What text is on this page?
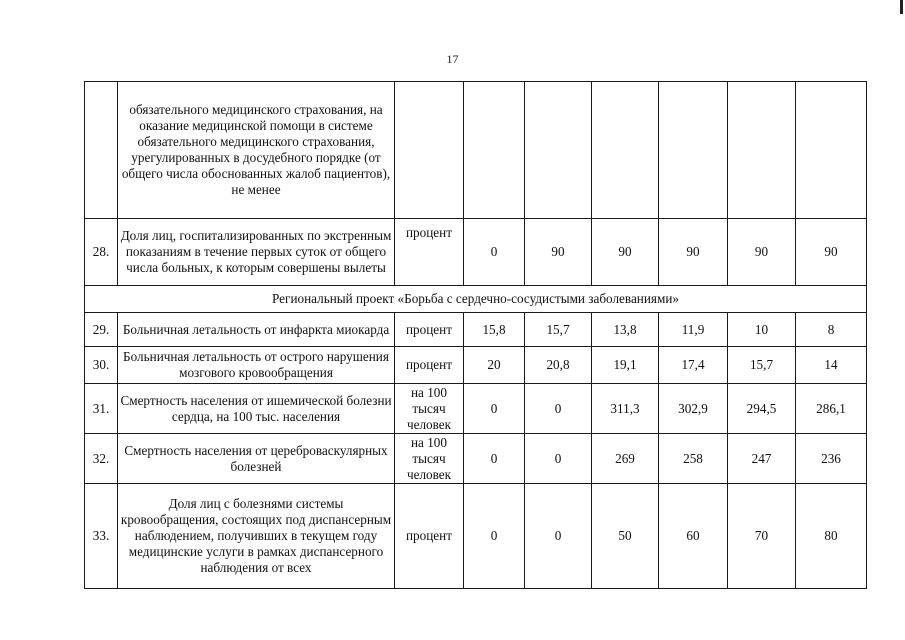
17
	обязательного медицинского страхования, на оказание медицинской помощи в системе обязательного медицинского страхования, урегулированных в досудебного порядке (от общего числа обоснованных жалоб пациентов), не менее							
28.	Доля лиц, госпитализированных по экстренным показаниям в течение первых суток от общего числа больных, к которым совершены вылеты	процент	0	90	90	90	90	90
Региональный проект «Борьба с сердечно-сосудистыми заболеваниями»								
29.	Больничная летальность от инфаркта миокарда	процент	15,8	15,7	13,8	11,9	10	8
30.	Больничная летальность от острого нарушения мозгового кровообращения	процент	20	20,8	19,1	17,4	15,7	14
31.	Смертность населения от ишемической болезни сердца, на 100 тыс. населения	на 100 тысяч человек	0	0	311,3	302,9	294,5	286,1
32.	Смертность населения от цереброваскулярных болезней	на 100 тысяч человек	0	0	269	258	247	236
33.	Доля лиц с болезнями системы кровообращения, состоящих под диспансерным наблюдением, получивших в текущем году медицинские услуги в рамках диспансерного наблюдения от всех	процент	0	0	50	60	70	80
